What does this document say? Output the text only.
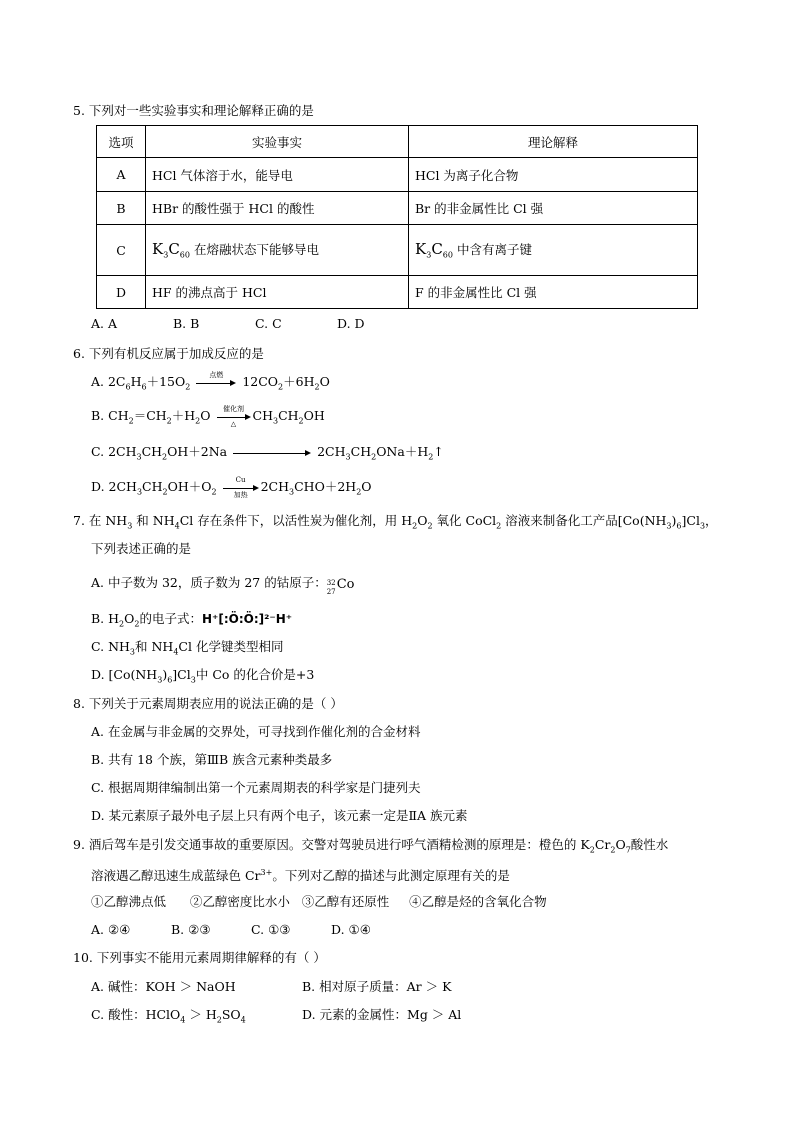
5. 下列对一些实验事实和理论解释正确的是
选项	实验事实	理论解释
A	HCl 气体溶于水，能导电	HCl 为离子化合物
B	HBr 的酸性强于 HCl 的酸性	Br 的非金属性比 Cl 强
C	$K_3C_{60}$ 在熔融状态下能够导电	$K_3C_{60}$ 中含有离子键
D	HF 的沸点高于 HCl	F 的非金属性比 Cl 强
A. A	B. B	C. C	D. D
6. 下列有机反应属于加成反应的是
A. $2C_6H_6+15O_2$
点燃	$12CO_2+6H_2O$
B. $CH_2=CH_2+H_2O$	催化剂
△
$CH_3CH_2OH$
C. $2CH_3CH_2OH+2Na$	$2CH_3CH_2ONa+H_2↑$
D. $2CH_3CH_2OH+O_2$
Cu
加热
$2CH_3CHO+2H_2O$
7. 在 $NH_3$ 和 $NH_4Cl$ 存在条件下，以活性炭为催化剂，用 $H_2O_2$ 氧化 CoCl$_2$ 溶液来制备化工产品$[Co(NH_3)_6]Cl_3$，
下列表述正确的是
A. 中子数为 32，质子数为 27 的钴原子： 32
27 Co
B. $H_2O_2$的电子式：H⁺[:Ö:Ö:]²⁻H⁺
C. $NH_3$和 $NH_4Cl$ 化学键类型相同
D. $[Co(NH_3)_6]Cl_3$中 Co 的化合价是+3
8. 下列关于元素周期表应用的说法正确的是（ ）
A. 在金属与非金属的交界处，可寻找到作催化剂的合金材料
B. 共有 18 个族，第ⅢB 族含元素种类最多
C. 根据周期律编制出第一个元素周期表的科学家是门捷列夫
D. 某元素原子最外电子层上只有两个电子，该元素一定是ⅡA 族元素
9. 酒后驾车是引发交通事故的重要原因。交警对驾驶员进行呼气酒精检测的原理是：橙色的 $K_2Cr_2O_7$酸性水
溶液遇乙醇迅速生成蓝绿色 $Cr^{3+}$。下列对乙醇的描述与此测定原理有关的是
①乙醇沸点低      ②乙醇密度比水小   ③乙醇有还原性     ④乙醇是烃的含氧化合物
A. ②④	B. ②③	C. ①③	D. ①④
10. 下列事实不能用元素周期律解释的有（ ）
A. 碱性：KOH ＞ NaOH	B. 相对原子质量：Ar ＞ K
C. 酸性：HClO$_4$ ＞ $H_2SO_4$	D. 元素的金属性：Mg ＞ Al
